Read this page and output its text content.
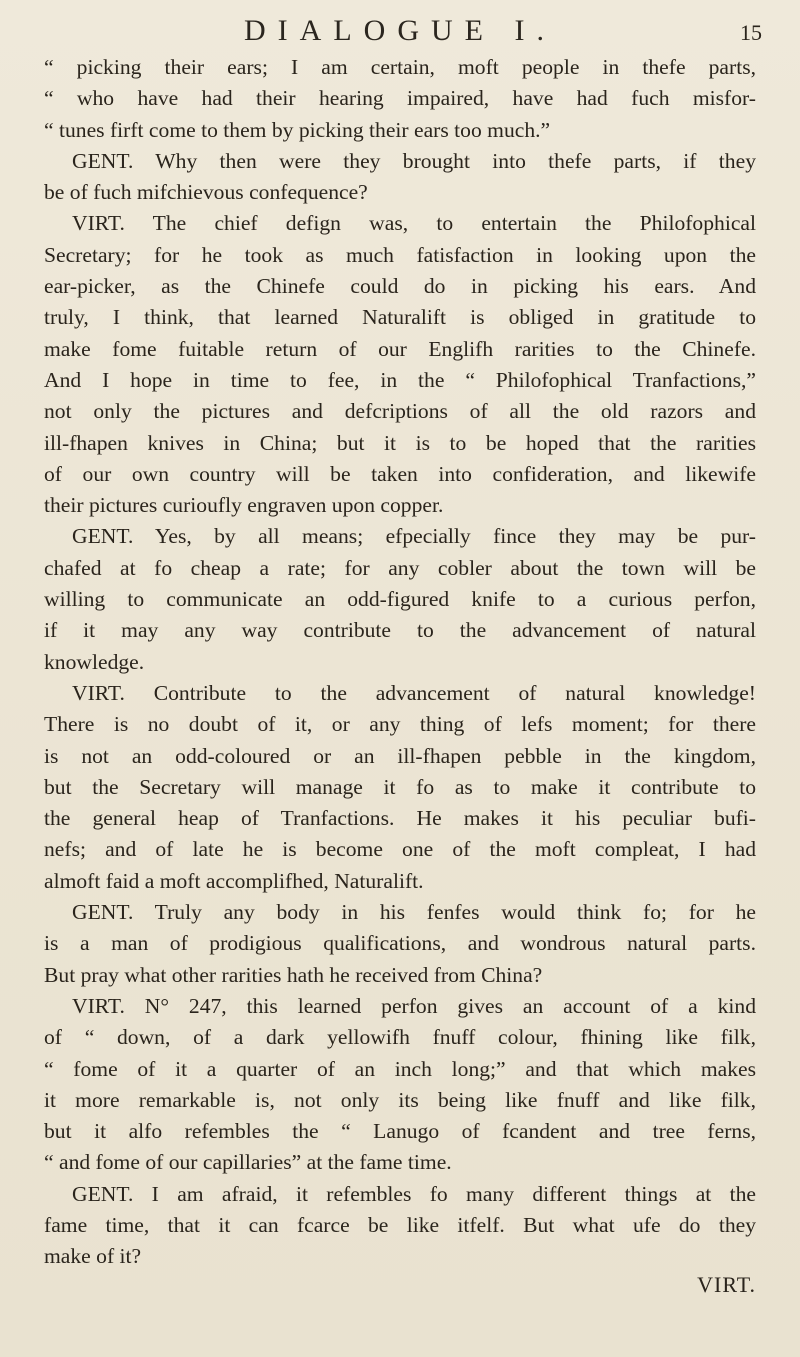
DIALOGUE I.	15
“ picking their ears; I am certain, moft people in thefe parts,
“ who have had their hearing impaired, have had fuch misfor-
“ tunes firft come to them by picking their ears too much.”
GENT. Why then were they brought into thefe parts, if they
be of fuch mifchievous confequence?
VIRT. The chief defign was, to entertain the Philofophical
Secretary; for he took as much fatisfaction in looking upon the
ear-picker, as the Chinefe could do in picking his ears. And
truly, I think, that learned Naturalift is obliged in gratitude to
make fome fuitable return of our Englifh rarities to the Chinefe.
And I hope in time to fee, in the “ Philofophical Tranfactions,”
not only the pictures and defcriptions of all the old razors and
ill-fhapen knives in China; but it is to be hoped that the rarities
of our own country will be taken into confideration, and likewife
their pictures curioufly engraven upon copper.
GENT. Yes, by all means; efpecially fince they may be pur-
chafed at fo cheap a rate; for any cobler about the town will be
willing to communicate an odd-figured knife to a curious perfon,
if it may any way contribute to the advancement of natural
knowledge.
VIRT. Contribute to the advancement of natural knowledge!
There is no doubt of it, or any thing of lefs moment; for there
is not an odd-coloured or an ill-fhapen pebble in the kingdom,
but the Secretary will manage it fo as to make it contribute to
the general heap of Tranfactions. He makes it his peculiar bufi-
nefs; and of late he is become one of the moft compleat, I had
almoft faid a moft accomplifhed, Naturalift.
GENT. Truly any body in his fenfes would think fo; for he
is a man of prodigious qualifications, and wondrous natural parts.
But pray what other rarities hath he received from China?
VIRT. N° 247, this learned perfon gives an account of a kind
of “ down, of a dark yellowifh fnuff colour, fhining like filk,
“ fome of it a quarter of an inch long;” and that which makes
it more remarkable is, not only its being like fnuff and like filk,
but it alfo refembles the “ Lanugo of fcandent and tree ferns,
“ and fome of our capillaries” at the fame time.
GENT. I am afraid, it refembles fo many different things at the
fame time, that it can fcarce be like itfelf. But what ufe do they
make of it?
VIRT.
